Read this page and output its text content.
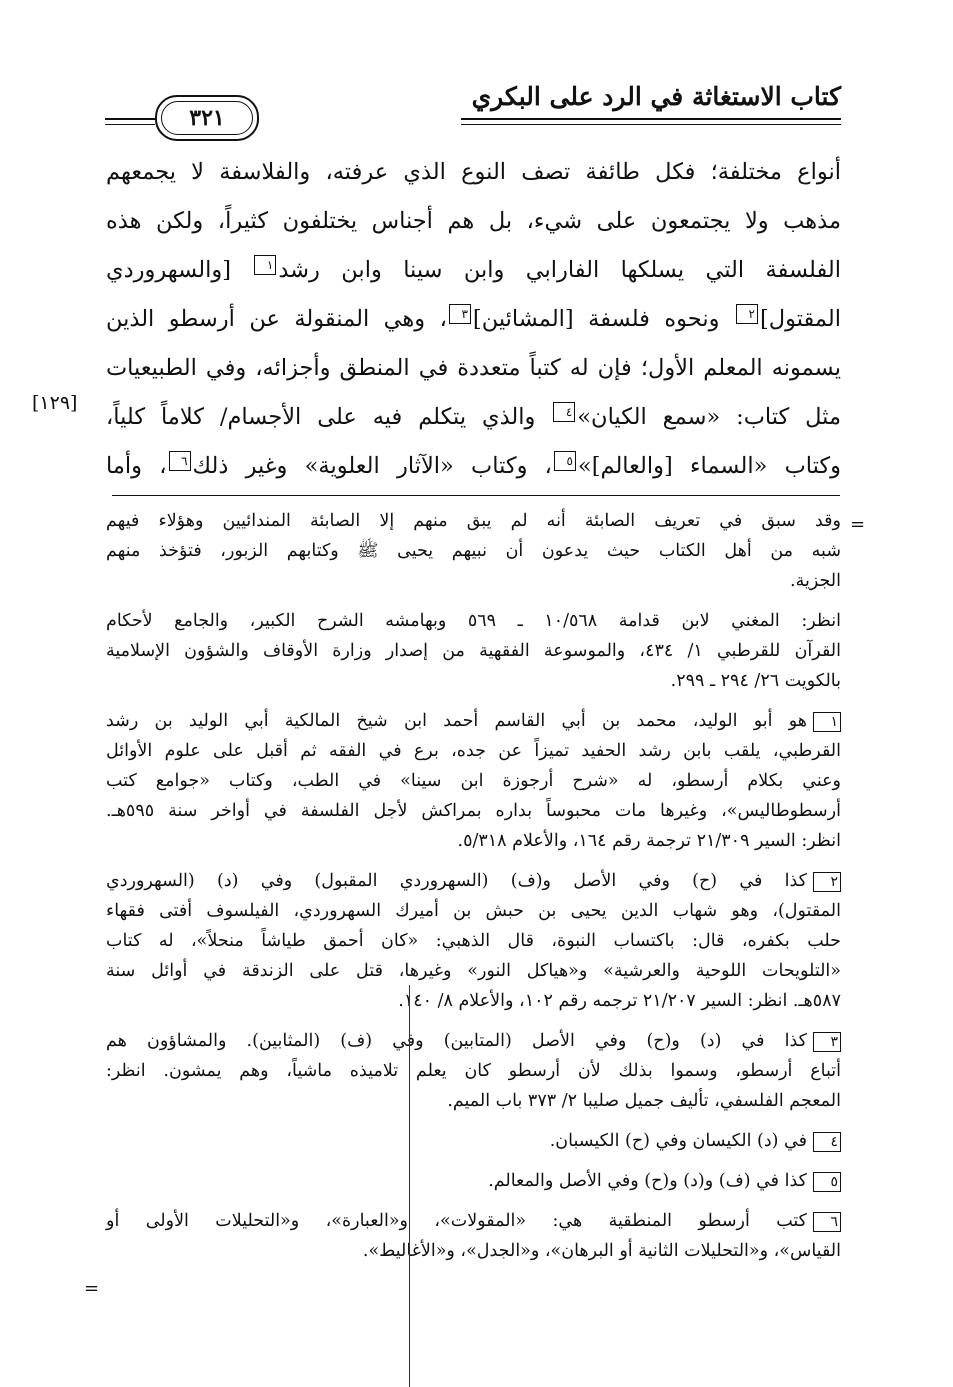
كتاب الاستغاثة في الرد على البكري
٣٢١
أنواع مختلفة؛ فكل طائفة تصف النوع الذي عرفته، والفلاسفة لا يجمعهم
مذهب ولا يجتمعون على شيء، بل هم أجناس يختلفون كثيراً، ولكن هذه
الفلسفة التي يسلكها الفارابي وابن سينا وابن رشد١ [والسهروردي
المقتول]٢ ونحوه فلسفة [المشائين]٣، وهي المنقولة عن أرسطو الذين
يسمونه المعلم الأول؛ فإن له كتباً متعددة في المنطق وأجزائه، وفي الطبيعيات
مثل كتاب: «سمع الكيان»٤ والذي يتكلم فيه على الأجسام/ كلاماً كلياً،
وكتاب «السماء [والعالم]»٥، وكتاب «الآثار العلوية» وغير ذلك٦، وأما
[١٢٩]
=
=
وقد سبق في تعريف الصابئة أنه لم يبق منهم إلا الصابئة المندائيين وهؤلاء فيهم
شبه من أهل الكتاب حيث يدعون أن نبيهم يحيى ﷺ وكتابهم الزبور، فتؤخذ منهم
الجزية.
انظر: المغني لابن قدامة ١٠/٥٦٨ ـ ٥٦٩ وبهامشه الشرح الكبير، والجامع لأحكام
القرآن للقرطبي ١/ ٤٣٤، والموسوعة الفقهية من إصدار وزارة الأوقاف والشؤون الإسلامية
بالكويت ٢٦/ ٢٩٤ ـ ٢٩٩.
١هو أبو الوليد، محمد بن أبي القاسم أحمد ابن شيخ المالكية أبي الوليد بن رشد
القرطبي، يلقب بابن رشد الحفيد تميزاً عن جده، برع في الفقه ثم أقبل على علوم الأوائل
وعني بكلام أرسطو، له «شرح أرجوزة ابن سينا» في الطب، وكتاب «جوامع كتب
أرسطوطاليس»، وغيرها مات محبوساً بداره بمراكش لأجل الفلسفة في أواخر سنة ٥٩٥هـ.
انظر: السير ٢١/٣٠٩ ترجمة رقم ١٦٤، والأعلام ٥/٣١٨.
٢كذا في (ح) وفي الأصل و(ف) (السهروردي المقبول) وفي (د) (السهروردي
المقتول)، وهو شهاب الدين يحيى بن حبش بن أميرك السهروردي، الفيلسوف أفتى فقهاء
حلب بكفره، قال: باكتساب النبوة، قال الذهبي: «كان أحمق طياشاً منحلاً»، له كتاب
«التلويحات اللوحية والعرشية» و«هياكل النور» وغيرها، قتل على الزندقة في أوائل سنة
٥٨٧هـ. انظر: السير ٢١/٢٠٧ ترجمه رقم ١٠٢، والأعلام ٨/ ١٤٠.
٣كذا في (د) و(ح) وفي الأصل (المتابين) وفي (ف) (المثابين). والمشاؤون هم
أتباع أرسطو، وسموا بذلك لأن أرسطو كان يعلم تلاميذه ماشياً، وهم يمشون. انظر:
المعجم الفلسفي، تأليف جميل صليبا ٢/ ٣٧٣ باب الميم.
٤في (د) الكيسان وفي (ح) الكيسبان.
٥كذا في (ف) و(د) و(ح) وفي الأصل والمعالم.
٦كتب أرسطو المنطقية هي: «المقولات»، و«العبارة»، و«التحليلات الأولى أو
القياس»، و«التحليلات الثانية أو البرهان»، و«الجدل»، و«الأغاليط».
